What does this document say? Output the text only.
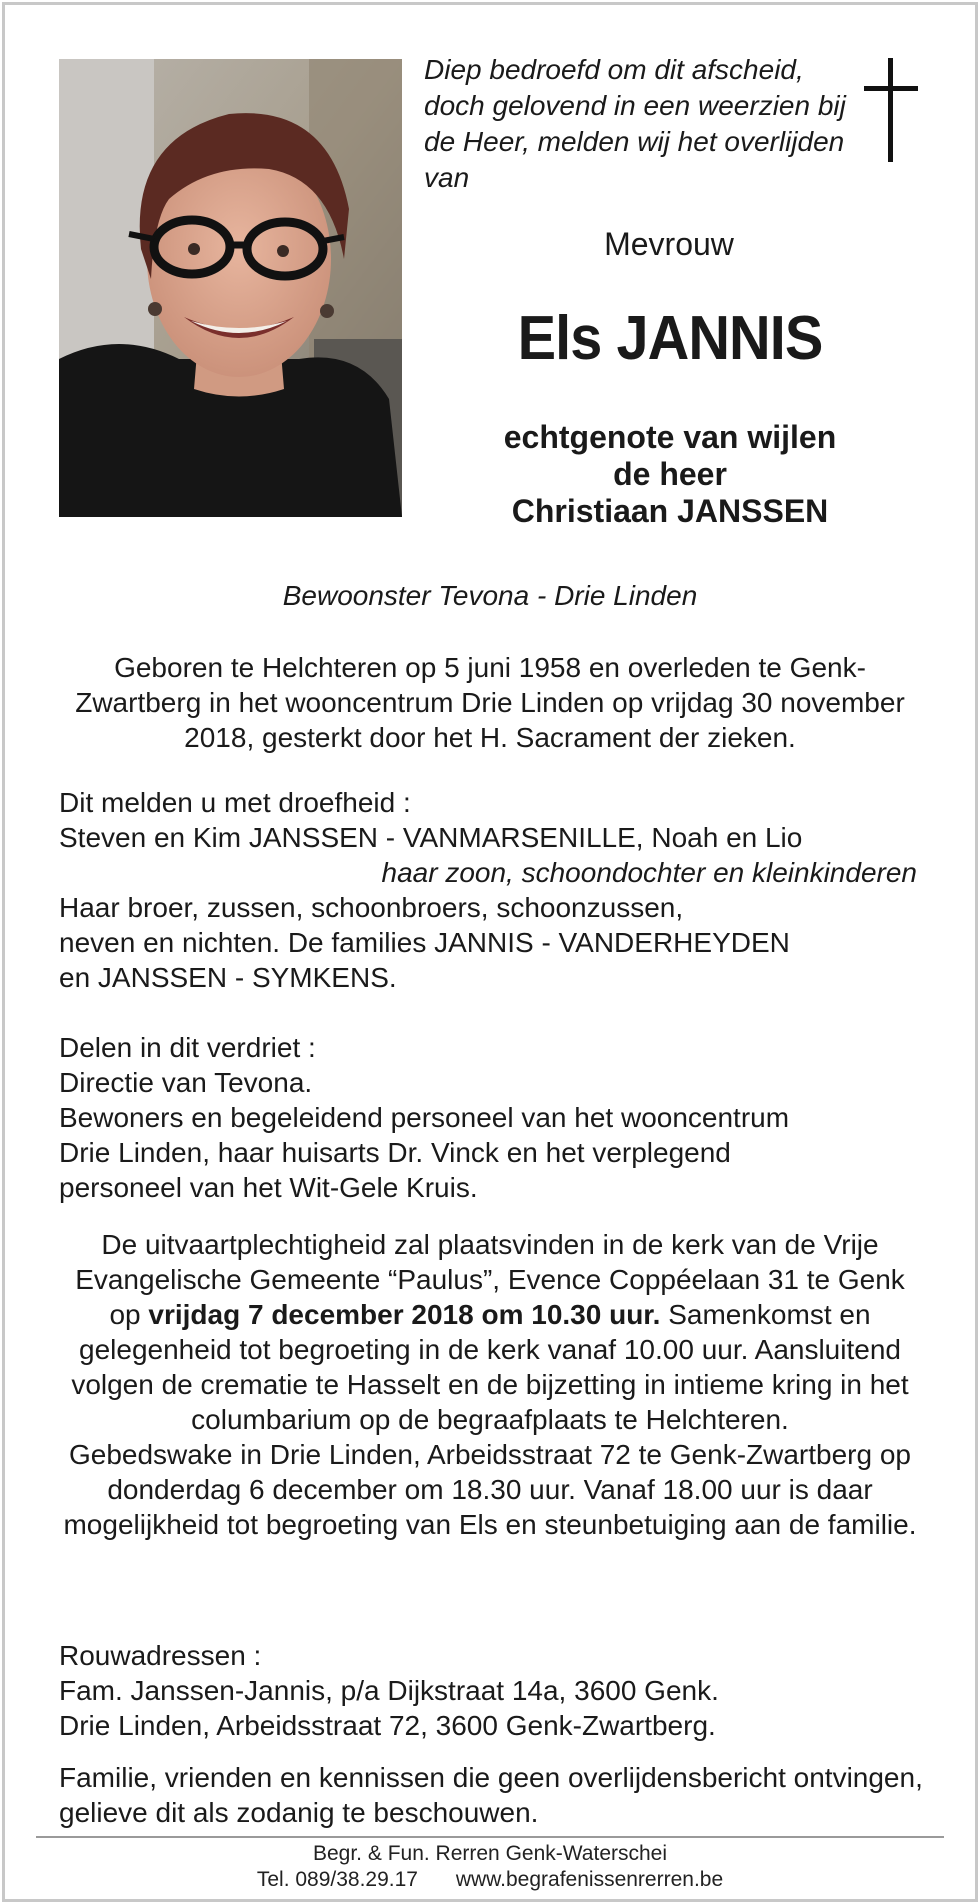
Diep bedroefd om dit afscheid, doch gelovend in een weerzien bij de Heer, melden wij het overlijden van
Mevrouw
Els JANNIS
echtgenote van wijlen
de heer
Christiaan JANSSEN
Bewoonster Tevona - Drie Linden
Geboren te Helchteren op 5 juni 1958 en overleden te Genk-Zwartberg in het wooncentrum Drie Linden op vrijdag 30 november 2018, gesterkt door het H. Sacrament der zieken.
Dit melden u met droefheid :
Steven en Kim JANSSEN - VANMARSENILLE, Noah en Lio
haar zoon, schoondochter en kleinkinderen
Haar broer, zussen, schoonbroers, schoonzussen,
neven en nichten. De families JANNIS - VANDERHEYDEN
en JANSSEN - SYMKENS.
Delen in dit verdriet :
Directie van Tevona.
Bewoners en begeleidend personeel van het wooncentrum
Drie Linden, haar huisarts Dr. Vinck en het verplegend
personeel van het Wit-Gele Kruis.
De uitvaartplechtigheid zal plaatsvinden in de kerk van de Vrije Evangelische Gemeente “Paulus”, Evence Coppéelaan 31 te Genk op vrijdag 7 december 2018 om 10.30 uur. Samenkomst en gelegenheid tot begroeting in de kerk vanaf 10.00 uur. Aansluitend volgen de crematie te Hasselt en de bijzetting in intieme kring in het columbarium op de begraafplaats te Helchteren.
Gebedswake in Drie Linden, Arbeidsstraat 72 te Genk-Zwartberg op donderdag 6 december om 18.30 uur. Vanaf 18.00 uur is daar mogelijkheid tot begroeting van Els en steunbetuiging aan de familie.
Rouwadressen :
Fam. Janssen-Jannis, p/a Dijkstraat 14a, 3600 Genk.
Drie Linden, Arbeidsstraat 72, 3600 Genk-Zwartberg.
Familie, vrienden en kennissen die geen overlijdensbericht ontvingen, gelieve dit als zodanig te beschouwen.
Begr. & Fun. Rerren Genk-Waterschei
Tel. 089/38.29.17 www.begrafenissenrerren.be
